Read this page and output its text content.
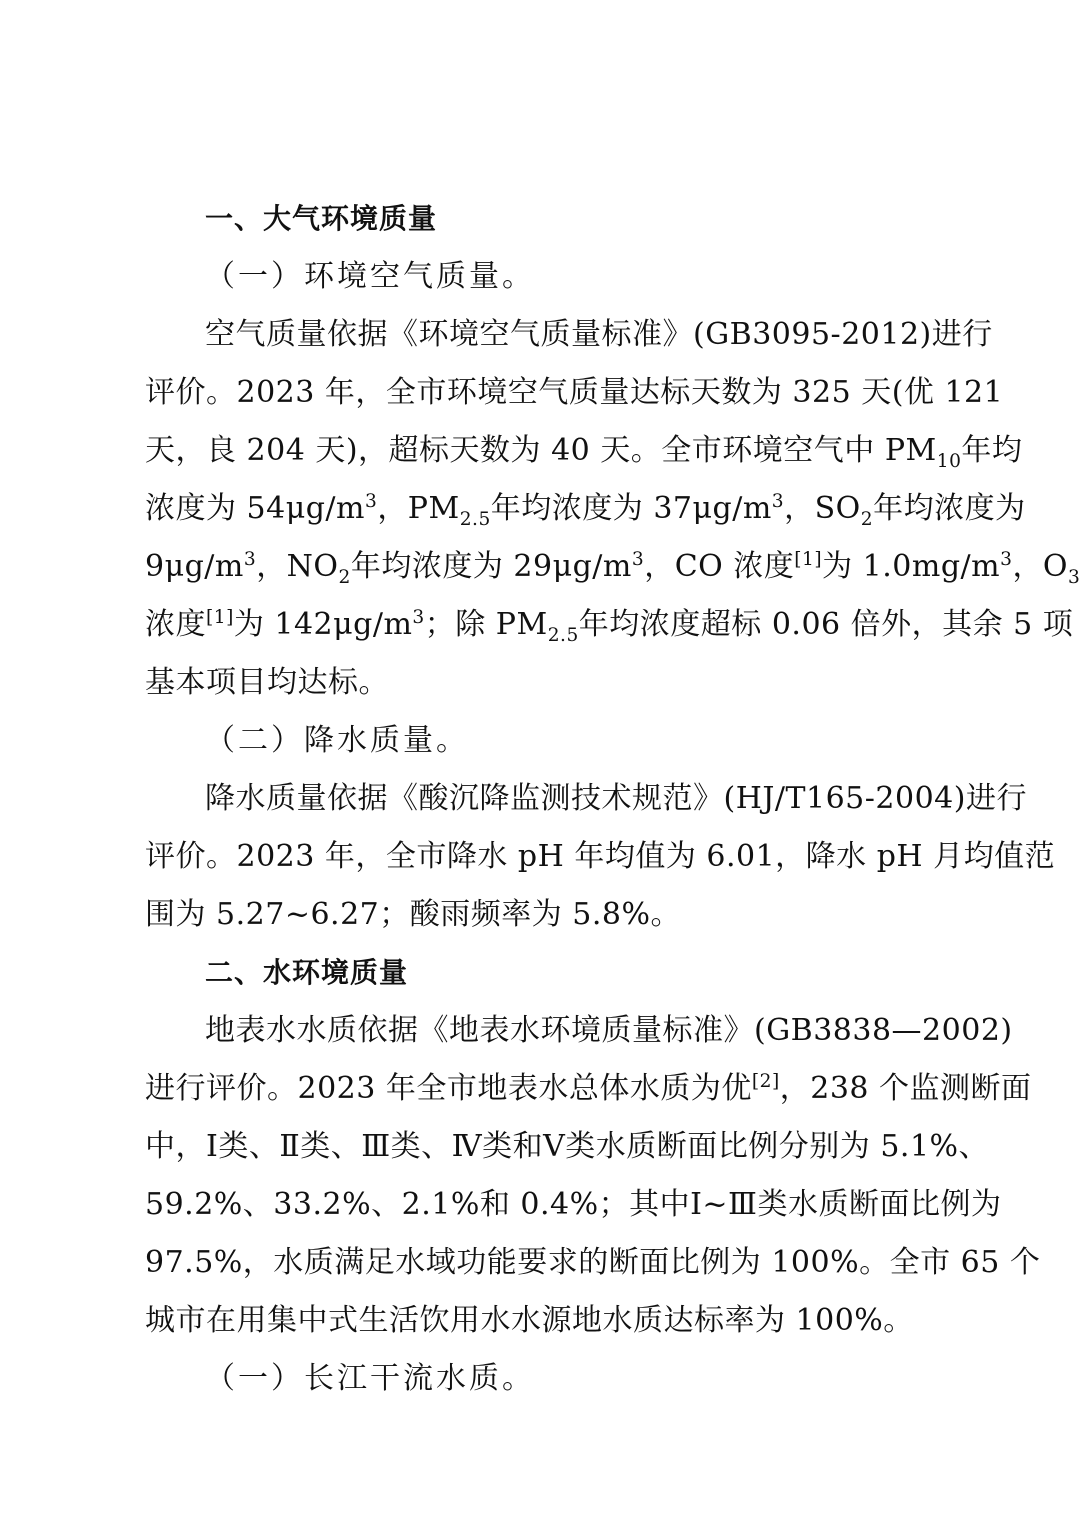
一、大气环境质量
（一）环境空气质量。
空气质量依据《环境空气质量标准》(GB3095-2012)进行
评价。2023 年，全市环境空气质量达标天数为 325 天(优 121
天，良 204 天)，超标天数为 40 天。全市环境空气中 $PM_{10}$年均
浓度为 $54\mu g/m^3$，$PM_{2.5}$年均浓度为 $37\mu g/m^3$，$SO_2$年均浓度为
$9\mu g/m^3$，$NO_2$年均浓度为 $29\mu g/m^3$，CO 浓度[1]为 $1.0mg/m^3$，$O_3$
浓度[1]为 $142\mu g/m^3$；除 $PM_{2.5}$年均浓度超标 0.06 倍外，其余 5 项
基本项目均达标。
（二）降水质量。
降水质量依据《酸沉降监测技术规范》(HJ/T165-2004)进行
评价。2023 年，全市降水 pH 年均值为 6.01，降水 pH 月均值范
围为 5.27~6.27；酸雨频率为 5.8%。
二、水环境质量
地表水水质依据《地表水环境质量标准》(GB3838—2002)
进行评价。2023 年全市地表水总体水质为优[2]，238 个监测断面
中，Ⅰ类、Ⅱ类、Ⅲ类、Ⅳ类和Ⅴ类水质断面比例分别为 5.1%、
59.2%、33.2%、2.1%和 0.4%；其中Ⅰ~Ⅲ类水质断面比例为
97.5%，水质满足水域功能要求的断面比例为 100%。全市 65 个
城市在用集中式生活饮用水水源地水质达标率为 100%。
（一）长江干流水质。
